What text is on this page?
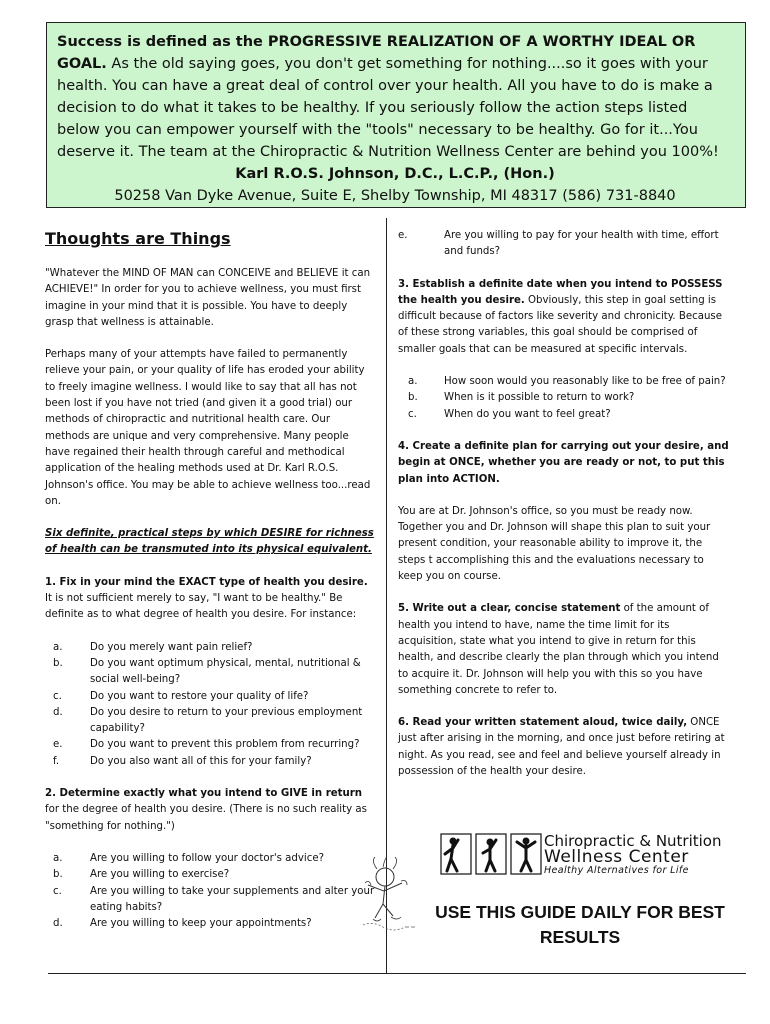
Success is defined as the PROGRESSIVE REALIZATION OF A WORTHY IDEAL OR GOAL. As the old saying goes, you don't get something for nothing....so it goes with your health. You can have a great deal of control over your health. All you have to do is make a decision to do what it takes to be healthy. If you seriously follow the action steps listed below you can empower yourself with the "tools" necessary to be healthy. Go for it...You deserve it. The team at the Chiropractic & Nutrition Wellness Center are behind you 100%!
Karl R.O.S. Johnson, D.C., L.C.P., (Hon.)
50258 Van Dyke Avenue, Suite E, Shelby Township, MI 48317 (586) 731-8840
Thoughts are Things

"Whatever the MIND OF MAN can CONCEIVE and BELIEVE it can ACHIEVE!" In order for you to achieve wellness, you must first imagine in your mind that it is possible. You have to deeply grasp that wellness is attainable.

Perhaps many of your attempts have failed to permanently relieve your pain, or your quality of life has eroded your ability to freely imagine wellness. I would like to say that all has not been lost if you have not tried (and given it a good trial) our methods of chiropractic and nutritional health care. Our methods are unique and very comprehensive. Many people have regained their health through careful and methodical application of the healing methods used at Dr. Karl R.O.S. Johnson's office. You may be able to achieve wellness too...read on.

Six definite, practical steps by which DESIRE for richness of health can be transmuted into its physical equivalent.

1. Fix in your mind the EXACT type of health you desire. It is not sufficient merely to say, "I want to be healthy." Be definite as to what degree of health you desire. For instance:

a.	Do you merely want pain relief?
b.	Do you want optimum physical, mental, nutritional & social well-being?
c.	Do you want to restore your quality of life?
d.	Do you desire to return to your previous employment capability?
e.	Do you want to prevent this problem from recurring?
f.	Do you also want all of this for your family?

2. Determine exactly what you intend to GIVE in return for the degree of health you desire. (There is no such reality as "something for nothing.")

a.	Are you willing to follow your doctor's advice?
b.	Are you willing to exercise?
c.	Are you willing to take your supplements and alter your eating habits?
d.	Are you willing to keep your appointments?
e.	Are you willing to pay for your health with time, effort and funds?

3. Establish a definite date when you intend to POSSESS the health you desire. Obviously, this step in goal setting is difficult because of factors like severity and chronicity. Because of these strong variables, this goal should be comprised of smaller goals that can be measured at specific intervals.

a.	How soon would you reasonably like to be free of pain?
b.	When is it possible to return to work?
c.	When do you want to feel great?

4. Create a definite plan for carrying out your desire, and begin at ONCE, whether you are ready or not, to put this plan into ACTION.

You are at Dr. Johnson's office, so you must be ready now. Together you and Dr. Johnson will shape this plan to suit your present condition, your reasonable ability to improve it, the steps t accomplishing this and the evaluations necessary to keep you on course.

5. Write out a clear, concise statement of the amount of health you intend to have, name the time limit for its acquisition, state what you intend to give in return for this health, and describe clearly the plan through which you intend to acquire it. Dr. Johnson will help you with this so you have something concrete to refer to.

6. Read your written statement aloud, twice daily, ONCE just after arising in the morning, and once just before retiring at night. As you read, see and feel and believe yourself already in possession of the health your desire.

Chiropractic & Nutrition
Wellness Center
Healthy Alternatives for Life
USE THIS GUIDE DAILY FOR BEST RESULTS
